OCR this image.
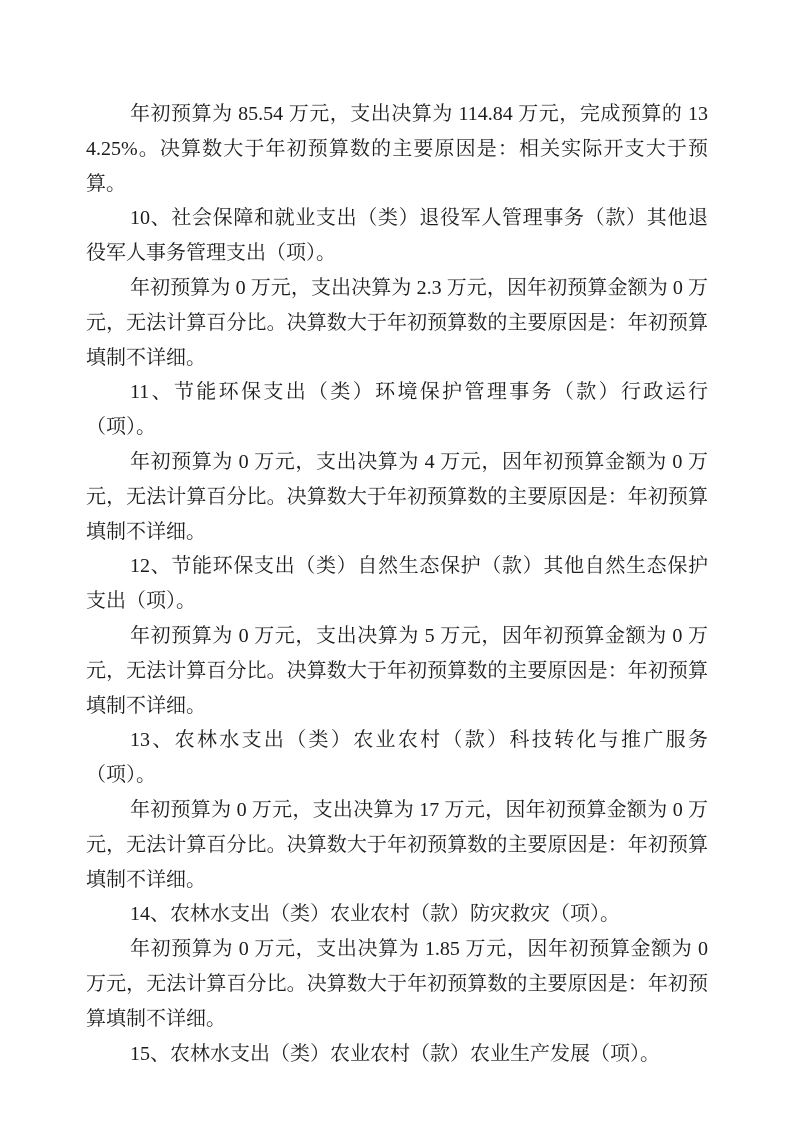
年初预算为 85.54 万元，支出决算为 114.84 万元，完成预算的 134.25%。决算数大于年初预算数的主要原因是：相关实际开支大于预算。

10、社会保障和就业支出（类）退役军人管理事务（款）其他退役军人事务管理支出（项）。

年初预算为 0 万元，支出决算为 2.3 万元，因年初预算金额为 0 万元，无法计算百分比。决算数大于年初预算数的主要原因是：年初预算填制不详细。

11、节能环保支出（类）环境保护管理事务（款）行政运行（项）。

年初预算为 0 万元，支出决算为 4 万元，因年初预算金额为 0 万元，无法计算百分比。决算数大于年初预算数的主要原因是：年初预算填制不详细。

12、节能环保支出（类）自然生态保护（款）其他自然生态保护支出（项）。

年初预算为 0 万元，支出决算为 5 万元，因年初预算金额为 0 万元，无法计算百分比。决算数大于年初预算数的主要原因是：年初预算填制不详细。

13、农林水支出（类）农业农村（款）科技转化与推广服务（项）。

年初预算为 0 万元，支出决算为 17 万元，因年初预算金额为 0 万元，无法计算百分比。决算数大于年初预算数的主要原因是：年初预算填制不详细。

14、农林水支出（类）农业农村（款）防灾救灾（项）。

年初预算为 0 万元，支出决算为 1.85 万元，因年初预算金额为 0 万元，无法计算百分比。决算数大于年初预算数的主要原因是：年初预算填制不详细。

15、农林水支出（类）农业农村（款）农业生产发展（项）。
